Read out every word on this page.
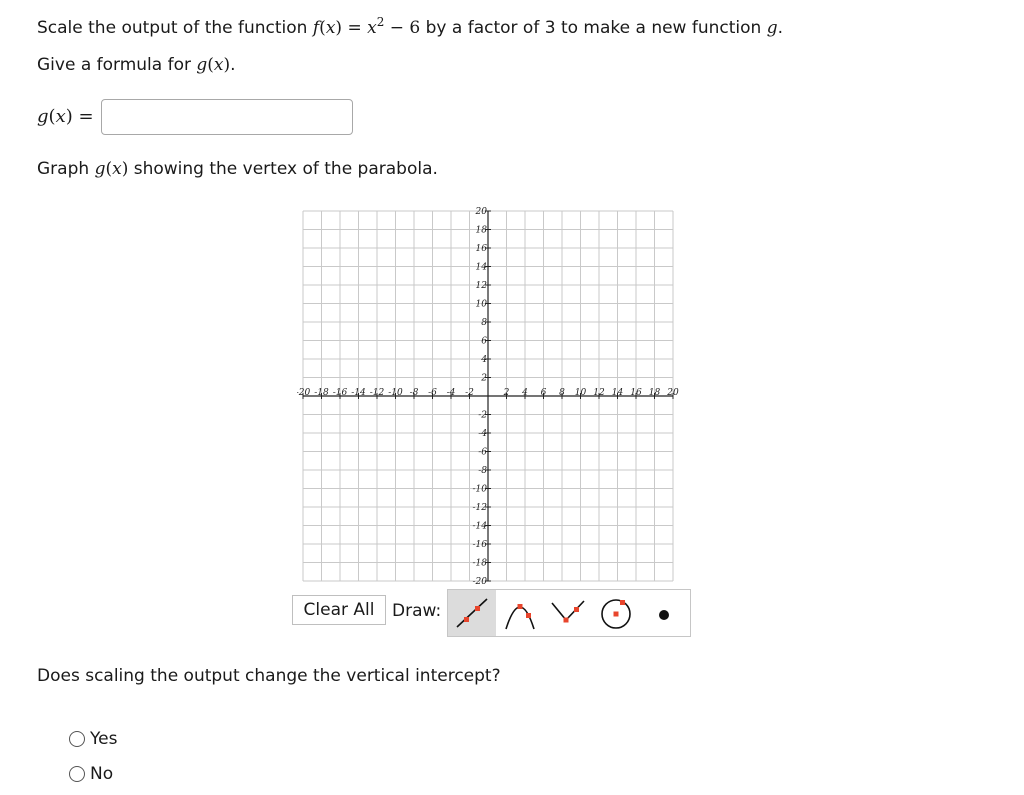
Scale the output of the function $f(x) = x^2 - 6$ by a factor of 3 to make a new function g.
Give a formula for g(x).
g(x) =
Graph g(x) showing the vertex of the parabola.
-20 -18 -16 -14 -12 -10 -8 -6 -4 -2	2 4 6 8 10 12 14 16 18 20
20
18
16
14
12
10
8
6
4
2
-2
-4
-6
-8
-10
-12
-14
-16
-18
-20
Clear All	Draw:
Does scaling the output change the vertical intercept?
Yes
No
